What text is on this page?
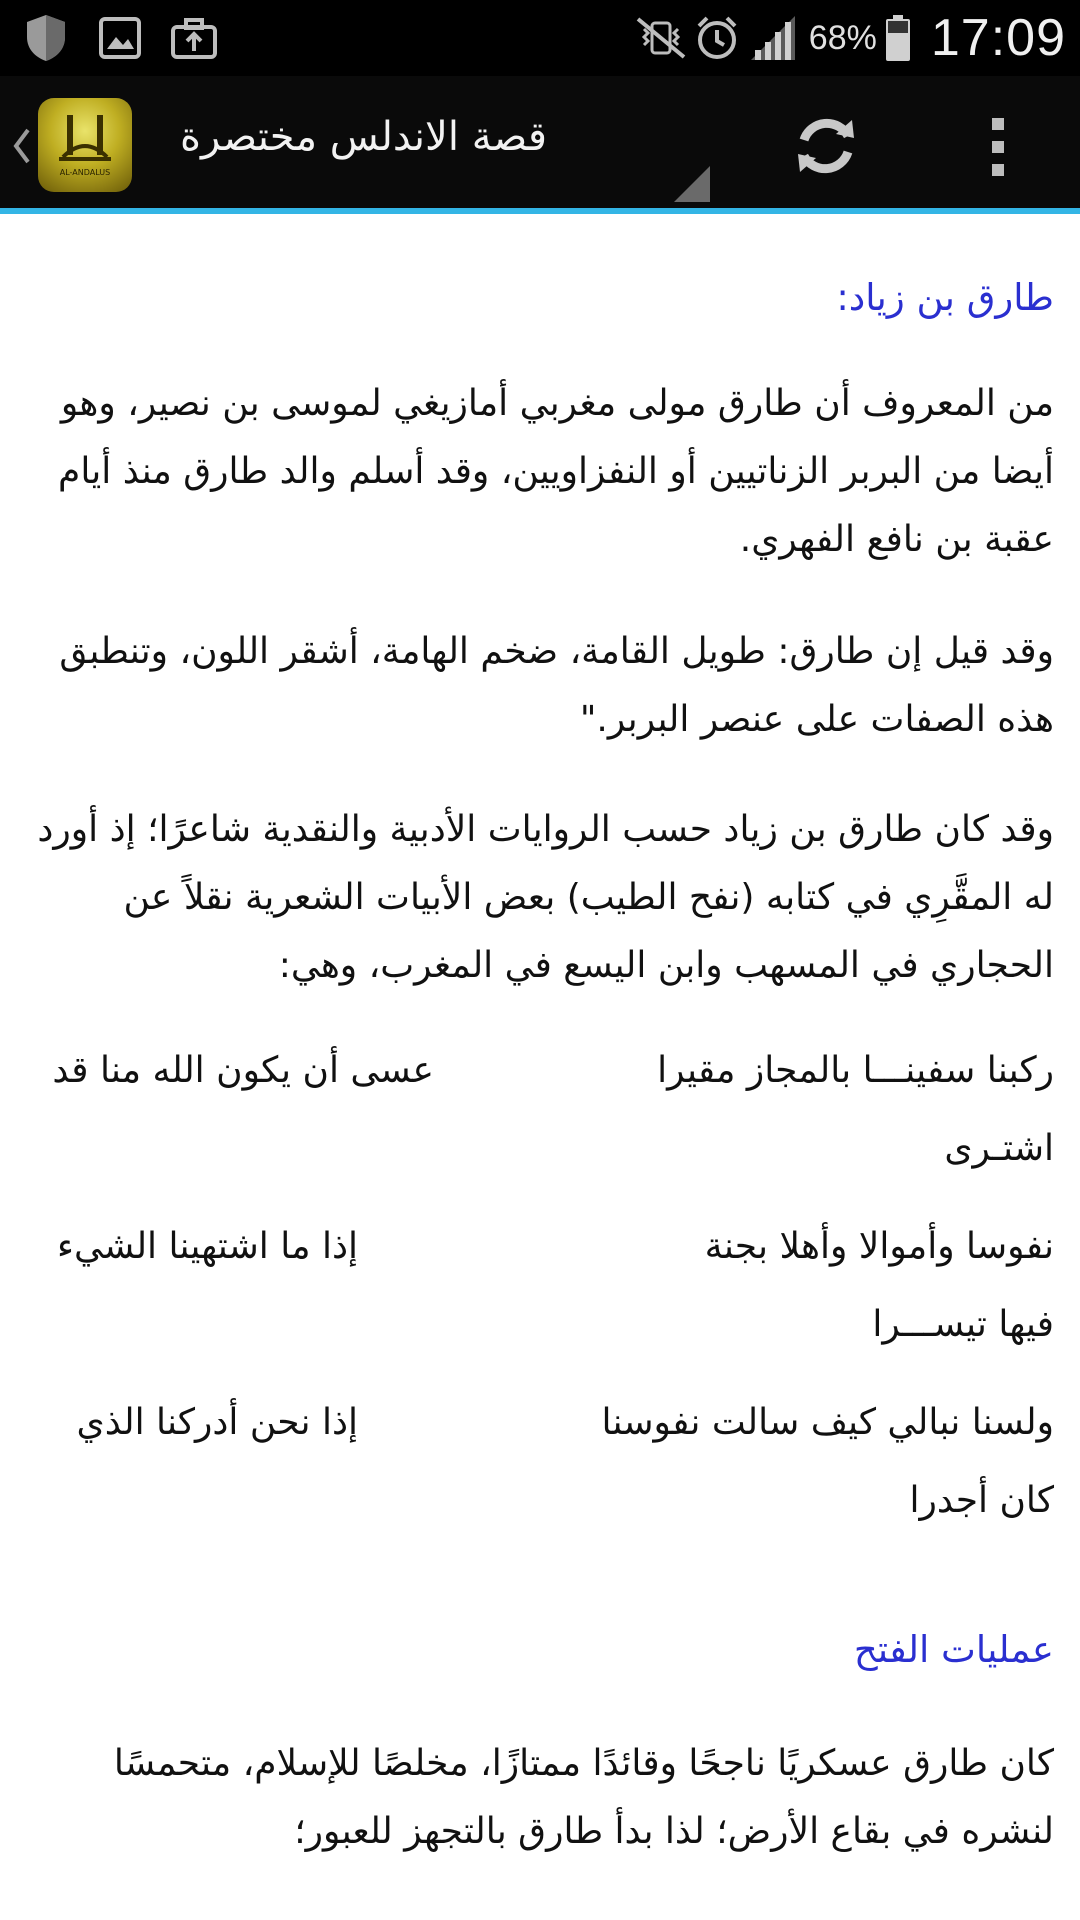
68% 17:09
AL-ANDALUS
قصة الاندلس مختصرة
طارق بن زياد:

من المعروف أن طارق مولى مغربي أمازيغي لموسى بن نصير، وهو أيضا من البربر الزناتيين أو النفزاويين، وقد أسلم والد طارق منذ أيام عقبة بن نافع الفهري.

وقد قيل إن طارق: طويل القامة، ضخم الهامة، أشقر اللون، وتنطبق هذه الصفات على عنصر البربر."

وقد كان طارق بن زياد حسب الروايات الأدبية والنقدية شاعرًا؛ إذ أورد له المقَّرِي في كتابه (نفح الطيب) بعض الأبيات الشعرية نقلاً عن الحجاري في المسهب وابن اليسع في المغرب، وهي:

ركبنا سفينـــا بالمجاز مقيرا
عسى أن يكون الله منا قد
اشتـرى
نفوسا وأموالا وأهلا بجنة
إذا ما اشتهينا الشيء
فيها تيســـرا
ولسنا نبالي كيف سالت نفوسنا
إذا نحن أدركنا الذي
كان أجدرا
عمليات الفتح

كان طارق عسكريًا ناجحًا وقائدًا ممتازًا، مخلصًا للإسلام، متحمسًا لنشره في بقاع الأرض؛ لذا بدأ طارق بالتجهز للعبور؛
